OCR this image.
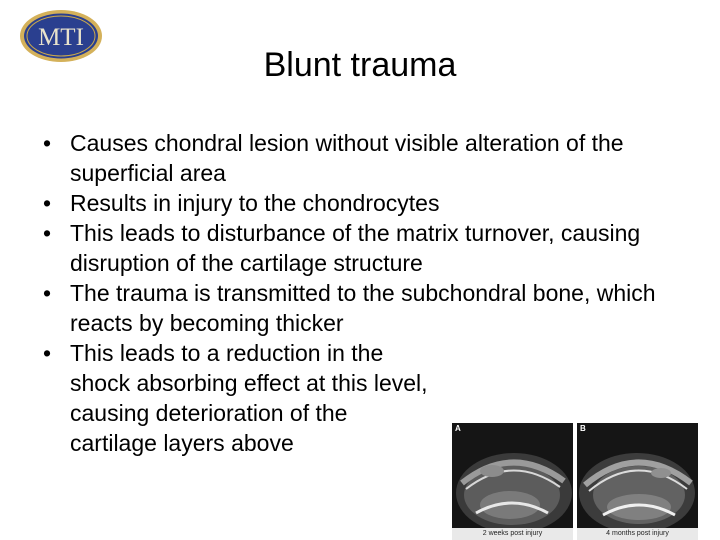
MTI
Blunt trauma
• Causes chondral lesion without visible alteration of the superficial area
• Results in injury to the chondrocytes
• This leads to disturbance of the matrix turnover, causing disruption of the cartilage structure
• The trauma is transmitted to the subchondral bone, which reacts by becoming thicker
• This leads to a reduction in the shock absorbing effect at this level, causing deterioration of the cartilage layers above
A
2 weeks post injury
B
4 months post injury
